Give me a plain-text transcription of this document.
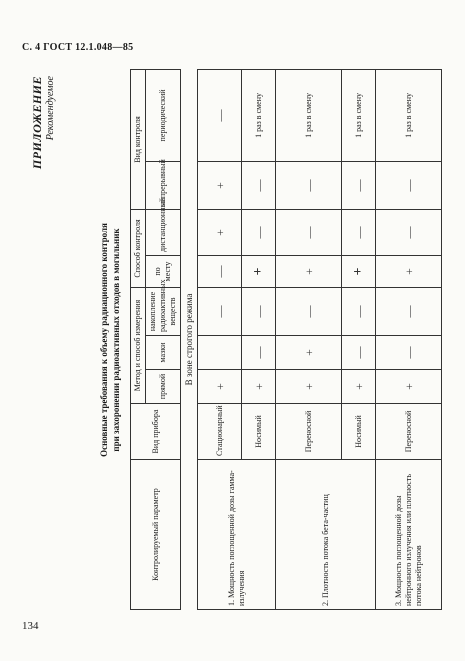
С. 4 ГОСТ 12.1.048—85
ПРИЛОЖЕНИЕ Рекомендуемое
Основные требования к объему радиационного контроля при захоронении радиоактивных отходов в могильник
Контролируемый параметр	Вид прибора	Метод и способ измерения			Способ контроля		Вид контроля	
		прямой	мазки	накопление радиоактивных веществ	по месту	дистанционный	непрерывный	периодический
В зоне строгого режима								
1. Мощность поглощенной дозы гамма-излучения	Стационарный	+		—	—	+	+	—
	Носимый	+	—	—	+	—	—	1 раз в смену
2. Плотность потока бета-частиц	Переносной	+	+	—	+	—	—	1 раз в смену
	Носимый	+	—	—	+	—	—	1 раз в смену
3. Мощность поглощенной дозы нейтронного излучения или плотность потока нейтронов	Переносной	+	—	—	+	—	—	1 раз в смену
134
